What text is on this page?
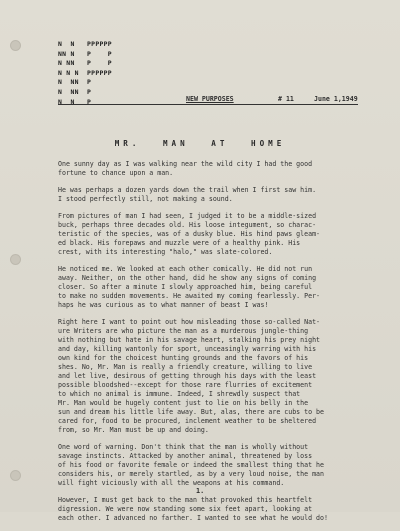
N  N   PPPPPP
NN N   P    P
N NN   P    P
N N N  PPPPPP
N  NN  P
N  NN  P
N  N   P	NEW PURPOSES	# 11	June 1,1949
MR. MAN AT HOME

One sunny day as I was walking near the wild city I had the good
fortune to chance upon a man.

He was perhaps a dozen yards down the trail when I first saw him.
I stood perfectly still, not making a sound.

From pictures of man I had seen, I judged it to be a middle-sized
buck, perhaps three decades old. His loose integument, so charac-
teristic of the species, was of a dusky blue. His hind paws gleam-
ed black. His forepaws and muzzle were of a healthy pink. His
crest, with its interesting "halo," was slate-colored.

He noticed me. We looked at each other comically. He did not run
away. Neither, on the other hand, did he show any signs of coming
closer. So after a minute I slowly approached him, being careful
to make no sudden movements. He awaited my coming fearlessly. Per-
haps he was curious as to what manner of beast I was!

Right here I want to point out how misleading those so-called Nat-
ure Writers are who picture the man as a murderous jungle-thing
with nothing but hate in his savage heart, stalking his prey night
and day, killing wantonly for sport, unceasingly warring with his
own kind for the choicest hunting grounds and the favors of his
shes. No, Mr. Man is really a friendly creature, willing to live
and let live, desirous of getting through his days with the least
possible bloodshed--except for those rare flurries of excitement
to which no animal is immune. Indeed, I shrewdly suspect that
Mr. Man would be hugely content just to lie on his belly in the
sun and dream his little life away. But, alas, there are cubs to be
cared for, food to be procured, inclement weather to be sheltered
from, so Mr. Man must be up and doing.

One word of warning. Don't think that the man is wholly without
savage instincts. Attacked by another animal, threatened by loss
of his food or favorite female or indeed the smallest thing that he
considers his, or merely startled, as by a very loud noise, the man
will fight viciously with all the weapons at his command.

However, I must get back to the man that provoked this heartfelt
digression. We were now standing some six feet apart, looking at
each other. I advanced no farther. I wanted to see what he would do!

1.
